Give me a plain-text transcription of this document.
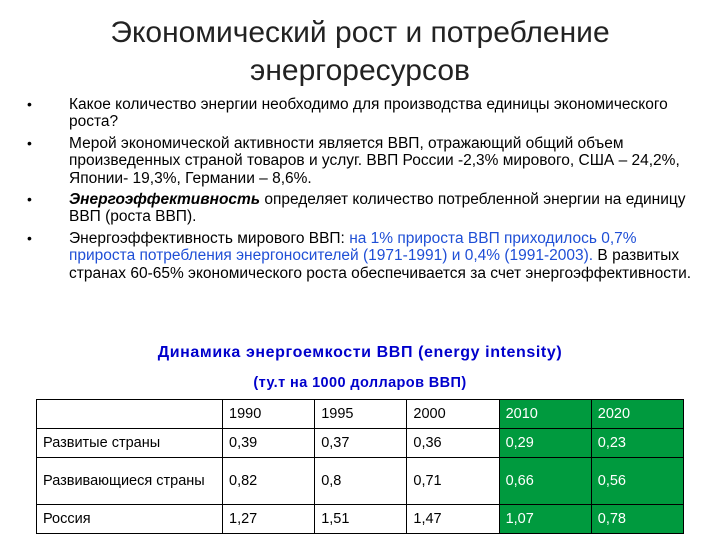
Экономический рост и потребление
энергоресурсов
• Какое количество энергии необходимо для производства единицы экономического роста?
• Мерой экономической активности является ВВП, отражающий общий объем произведенных страной товаров и услуг. ВВП России -2,3% мирового, США – 24,2%, Японии- 19,3%, Германии – 8,6%.
• Энергоэффективность определяет количество потребленной энергии на единицу ВВП (роста ВВП).
• Энергоэффективность мирового ВВП: на 1% прироста ВВП приходилось 0,7% прироста потребления энергоносителей (1971-1991) и 0,4% (1991-2003). В развитых странах 60-65% экономического роста обеспечивается за счет энергоэффективности.
Динамика энергоемкости ВВП (energy intensity)
(ту.т на 1000 долларов ВВП)
	1990	1995	2000	2010	2020
Развитые страны	0,39	0,37	0,36	0,29	0,23
Развивающиеся страны	0,82	0,8	0,71	0,66	0,56
Россия	1,27	1,51	1,47	1,07	0,78
